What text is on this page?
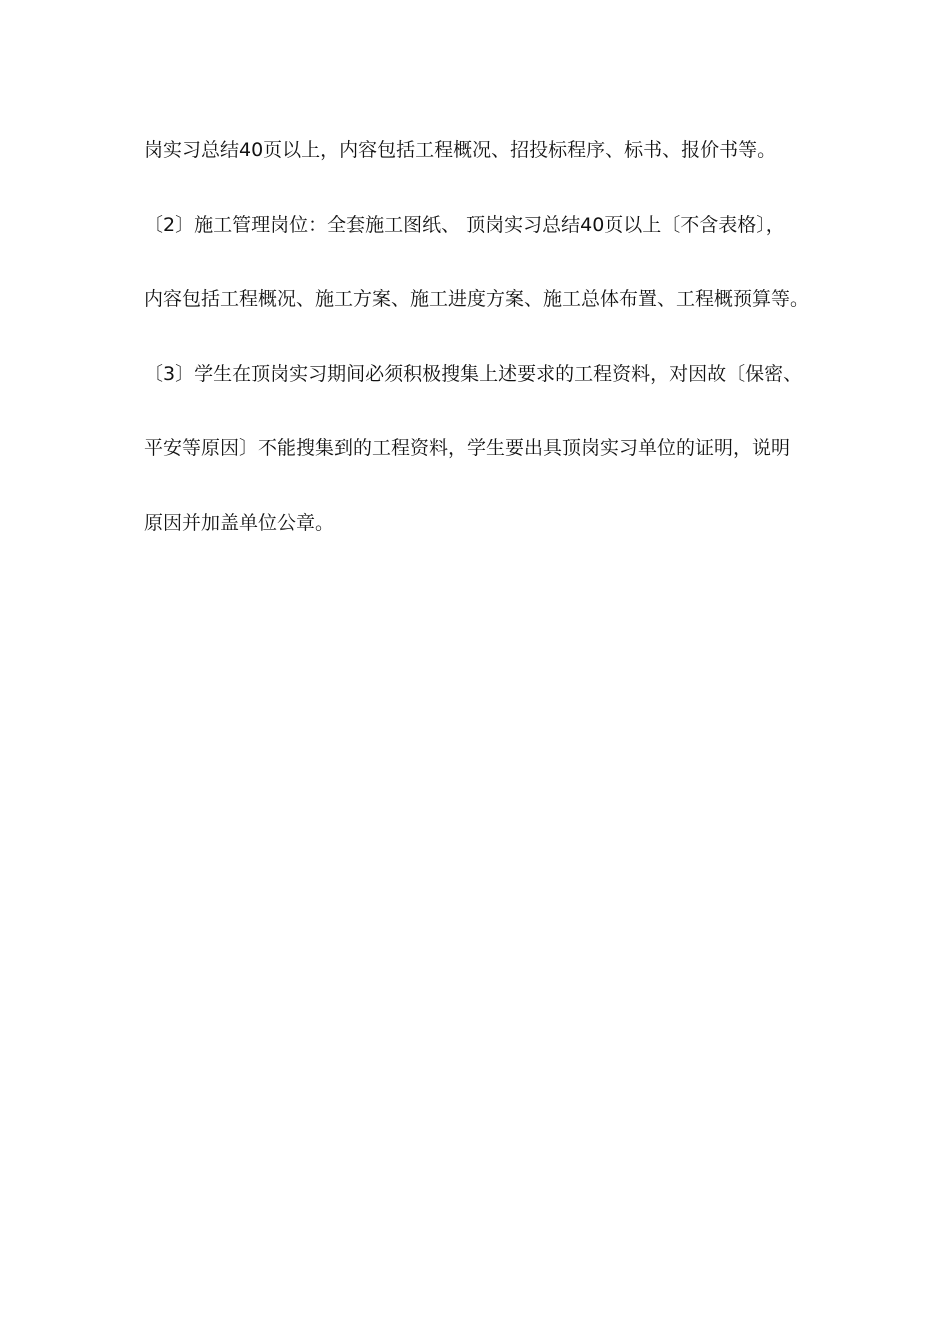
岗实习总结40页以上，内容包括工程概况、招投标程序、标书、报价书等。
〔2〕施工管理岗位：全套施工图纸、 顶岗实习总结40页以上〔不含表格〕，
内容包括工程概况、施工方案、施工进度方案、施工总体布置、工程概预算等。
〔3〕学生在顶岗实习期间必须积极搜集上述要求的工程资料，对因故〔保密、
平安等原因〕不能搜集到的工程资料，学生要出具顶岗实习单位的证明，说明
原因并加盖单位公章。
